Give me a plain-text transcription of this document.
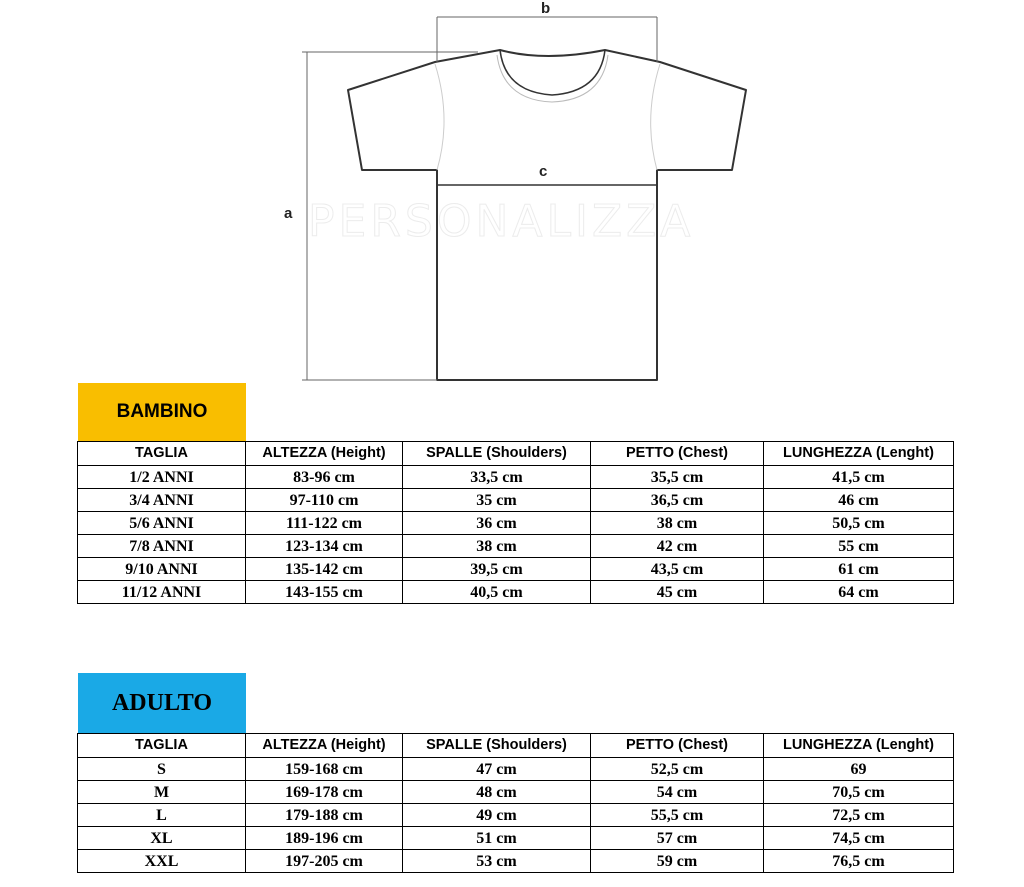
PERSONALIZZA
c
b
a
BAMBINO
TAGLIA	ALTEZZA (Height)	SPALLE (Shoulders)	PETTO (Chest)	LUNGHEZZA (Lenght)
1/2 ANNI	83-96 cm	33,5 cm	35,5 cm	41,5 cm
3/4 ANNI	97-110 cm	35 cm	36,5 cm	46 cm
5/6 ANNI	111-122 cm	36 cm	38 cm	50,5 cm
7/8 ANNI	123-134 cm	38 cm	42 cm	55 cm
9/10 ANNI	135-142 cm	39,5 cm	43,5 cm	61 cm
11/12 ANNI	143-155 cm	40,5 cm	45 cm	64 cm
ADULTO
TAGLIA	ALTEZZA (Height)	SPALLE (Shoulders)	PETTO (Chest)	LUNGHEZZA (Lenght)
S	159-168 cm	47 cm	52,5 cm	69
M	169-178 cm	48 cm	54 cm	70,5 cm
L	179-188 cm	49 cm	55,5 cm	72,5 cm
XL	189-196 cm	51 cm	57 cm	74,5 cm
XXL	197-205 cm	53 cm	59 cm	76,5 cm
